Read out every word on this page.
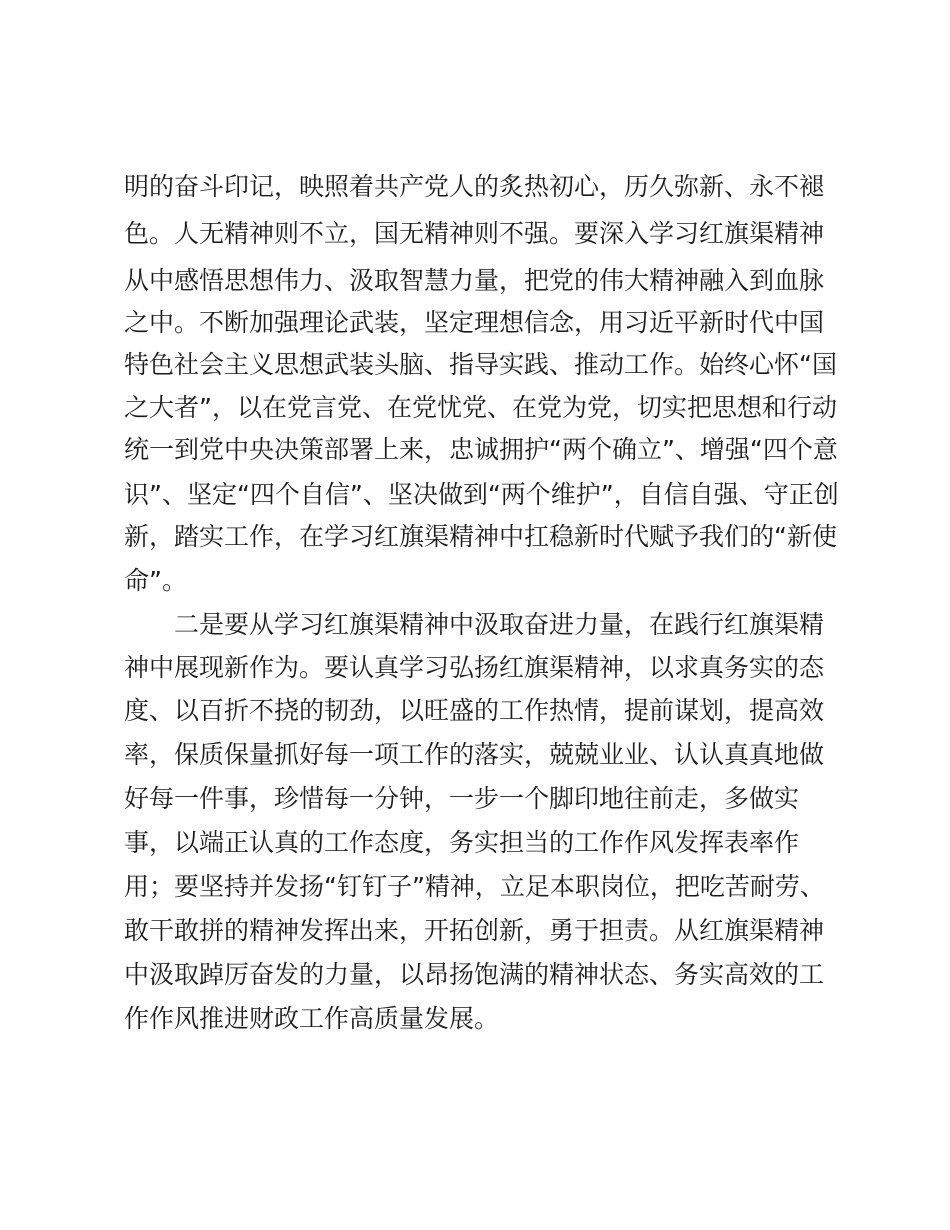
明的奋斗印记，映照着共产党人的炙热初心，历久弥新、永不褪
色。人无精神则不立，国无精神则不强。要深入学习红旗渠精神
从中感悟思想伟力、汲取智慧力量，把党的伟大精神融入到血脉
之中。不断加强理论武装，坚定理想信念，用习近平新时代中国
特色社会主义思想武装头脑、指导实践、推动工作。始终心怀“国
之大者”，以在党言党、在党忧党、在党为党，切实把思想和行动
统一到党中央决策部署上来，忠诚拥护“两个确立”、增强“四个意
识”、坚定“四个自信”、坚决做到“两个维护”，自信自强、守正创
新，踏实工作，在学习红旗渠精神中扛稳新时代赋予我们的“新使
命”。
　　二是要从学习红旗渠精神中汲取奋进力量，在践行红旗渠精
神中展现新作为。要认真学习弘扬红旗渠精神，以求真务实的态
度、以百折不挠的韧劲，以旺盛的工作热情，提前谋划，提高效
率，保质保量抓好每一项工作的落实，兢兢业业、认认真真地做
好每一件事，珍惜每一分钟，一步一个脚印地往前走，多做实
事，以端正认真的工作态度，务实担当的工作作风发挥表率作
用；要坚持并发扬“钉钉子”精神，立足本职岗位，把吃苦耐劳、
敢干敢拼的精神发挥出来，开拓创新，勇于担责。从红旗渠精神
中汲取踔厉奋发的力量，以昂扬饱满的精神状态、务实高效的工
作作风推进财政工作高质量发展。
